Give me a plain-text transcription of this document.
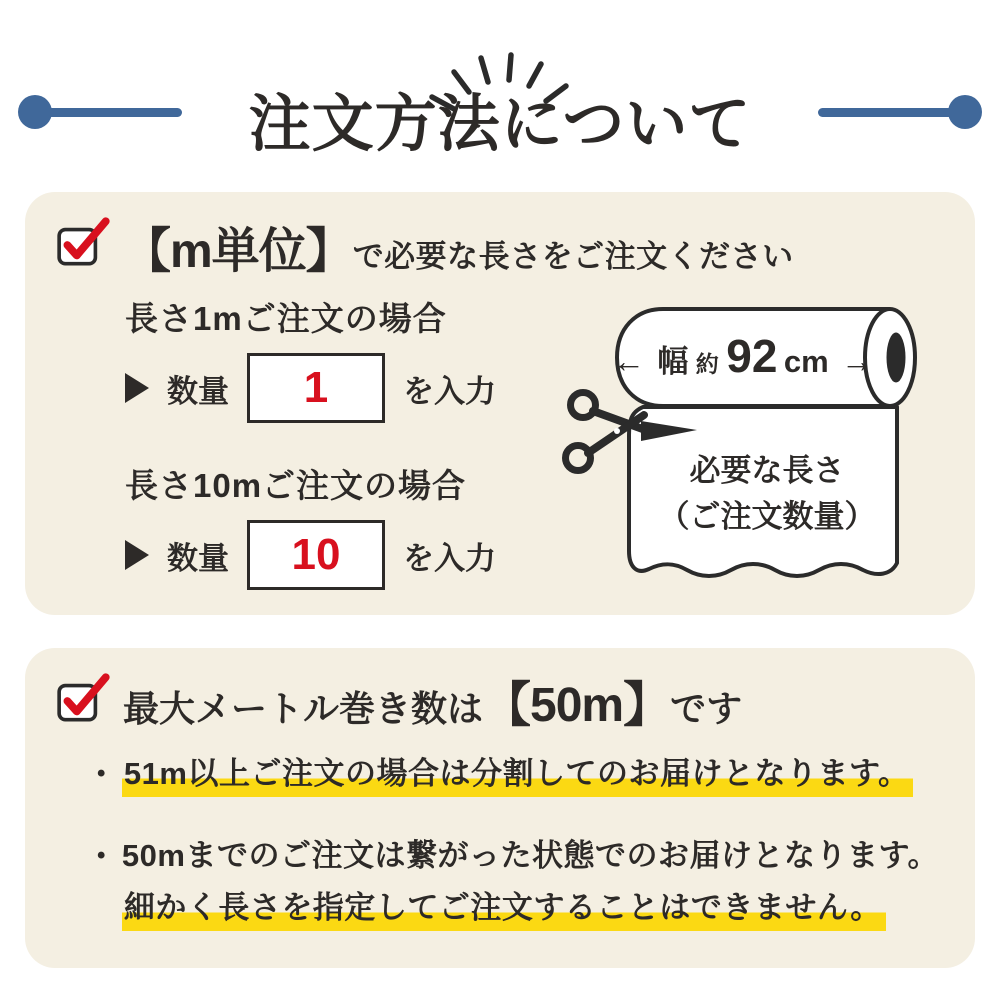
注文方法について
【m単位】 で必要な長さをご注文ください
長さ1mご注文の場合
数量 1 を入力
長さ10mご注文の場合
数量 10 を入力
← 幅 約 92 cm →
必要な長さ
（ご注文数量）
最大メートル巻き数は 【50m】 です
• 51m以上ご注文の場合は分割してのお届けとなります。
• 50mまでのご注文は繋がった状態でのお届けとなります。
細かく長さを指定してご注文することはできません。
